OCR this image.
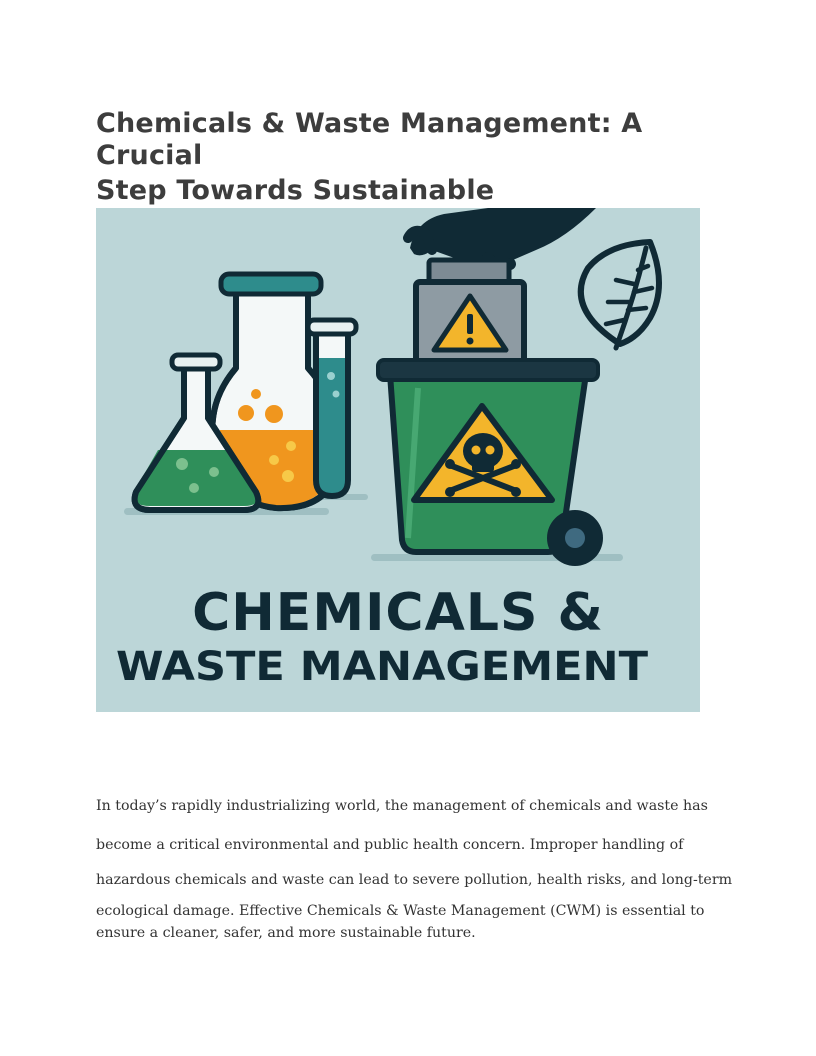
Chemicals & Waste Management: A

Crucial

Step Towards Sustainable

CHEMICALS &
WASTE MANAGEMENT

In today’s rapidly industrializing world, the management of chemicals and waste has

become a critical environmental and public health concern. Improper handling of

hazardous chemicals and waste can lead to severe pollution, health risks, and long-term

ecological damage. Effective Chemicals & Waste Management (CWM) is essential to

ensure a cleaner, safer, and more sustainable future.
